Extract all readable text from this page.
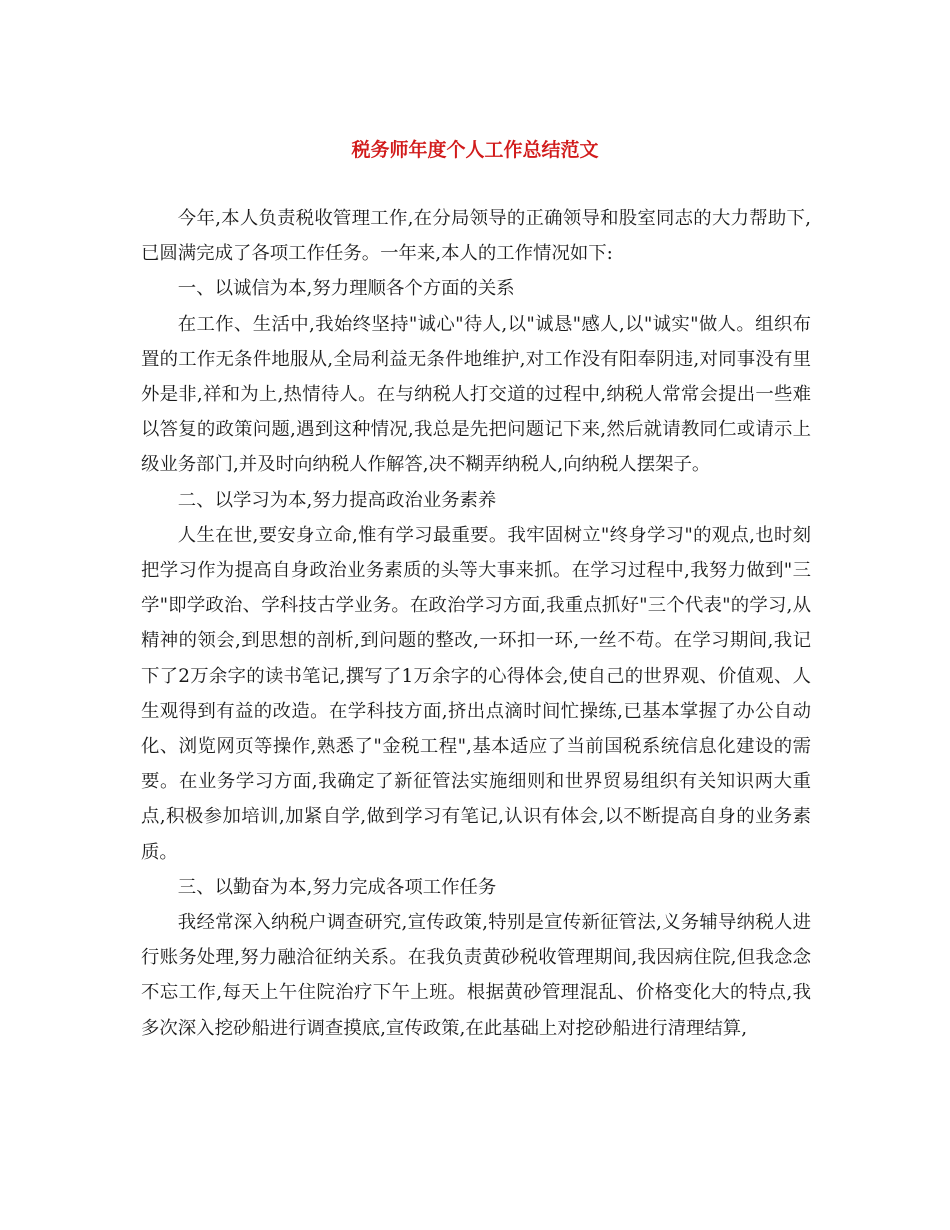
税务师年度个人工作总结范文

今年,本人负责税收管理工作,在分局领导的正确领导和股室同志的大力帮助下,已圆满完成了各项工作任务。一年来,本人的工作情况如下:

一、以诚信为本,努力理顺各个方面的关系

在工作、生活中,我始终坚持"诚心"待人,以"诚恳"感人,以"诚实"做人。组织布置的工作无条件地服从,全局利益无条件地维护,对工作没有阳奉阴违,对同事没有里外是非,祥和为上,热情待人。在与纳税人打交道的过程中,纳税人常常会提出一些难以答复的政策问题,遇到这种情况,我总是先把问题记下来,然后就请教同仁或请示上级业务部门,并及时向纳税人作解答,决不糊弄纳税人,向纳税人摆架子。

二、以学习为本,努力提高政治业务素养

人生在世,要安身立命,惟有学习最重要。我牢固树立"终身学习"的观点,也时刻把学习作为提高自身政治业务素质的头等大事来抓。在学习过程中,我努力做到"三学"即学政治、学科技古学业务。在政治学习方面,我重点抓好"三个代表"的学习,从精神的领会,到思想的剖析,到问题的整改,一环扣一环,一丝不苟。在学习期间,我记下了2万余字的读书笔记,撰写了1万余字的心得体会,使自己的世界观、价值观、人生观得到有益的改造。在学科技方面,挤出点滴时间忙操练,已基本掌握了办公自动化、浏览网页等操作,熟悉了"金税工程",基本适应了当前国税系统信息化建设的需要。在业务学习方面,我确定了新征管法实施细则和世界贸易组织有关知识两大重点,积极参加培训,加紧自学,做到学习有笔记,认识有体会,以不断提高自身的业务素质。

三、以勤奋为本,努力完成各项工作任务

我经常深入纳税户调查研究,宣传政策,特别是宣传新征管法,义务辅导纳税人进行账务处理,努力融洽征纳关系。在我负责黄砂税收管理期间,我因病住院,但我念念不忘工作,每天上午住院治疗下午上班。根据黄砂管理混乱、价格变化大的特点,我多次深入挖砂船进行调查摸底,宣传政策,在此基础上对挖砂船进行清理结算,
